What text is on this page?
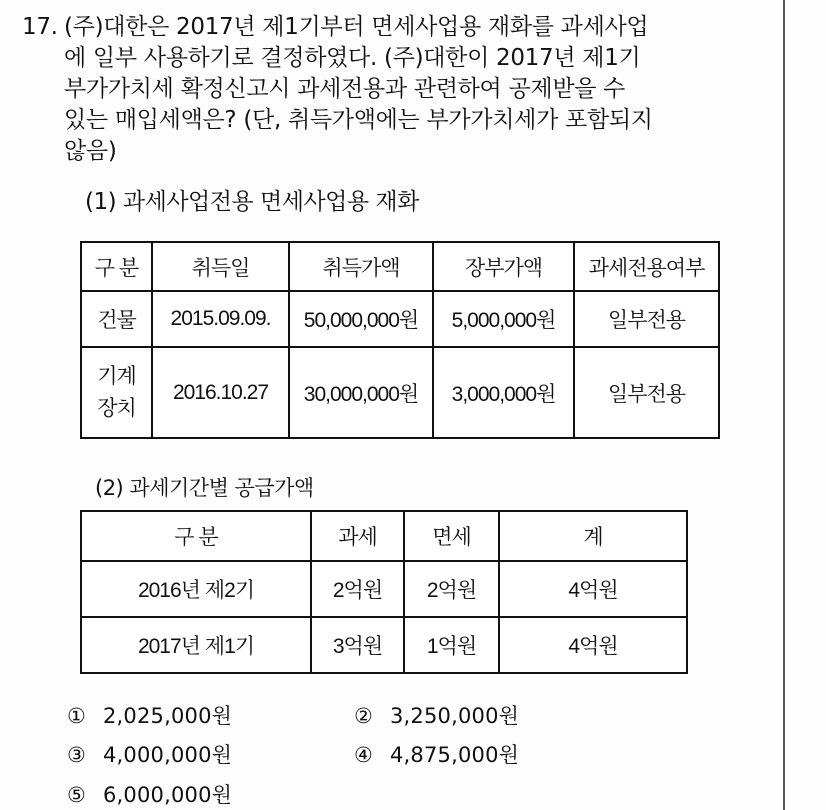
17. (주)대한은 2017년 제1기부터 면세사업용 재화를 과세사업
에 일부 사용하기로 결정하였다. (주)대한이 2017년 제1기
부가가치세 확정신고시 과세전용과 관련하여 공제받을 수
있는 매입세액은? (단, 취득가액에는 부가가치세가 포함되지
않음)
(1) 과세사업전용 면세사업용 재화
구 분	취득일	취득가액	장부가액	과세전용여부
건물	2015.09.09.	50,000,000원	5,000,000원	일부전용

기계
장치	2016.10.27	30,000,000원	3,000,000원	일부전용
(2) 과세기간별 공급가액
구 분	과세	면세	계
2016년 제2기	2억원	2억원	4억원
2017년 제1기	3억원	1억원	4억원
① 2,025,000원	② 3,250,000원
③ 4,000,000원	④ 4,875,000원
⑤ 6,000,000원
